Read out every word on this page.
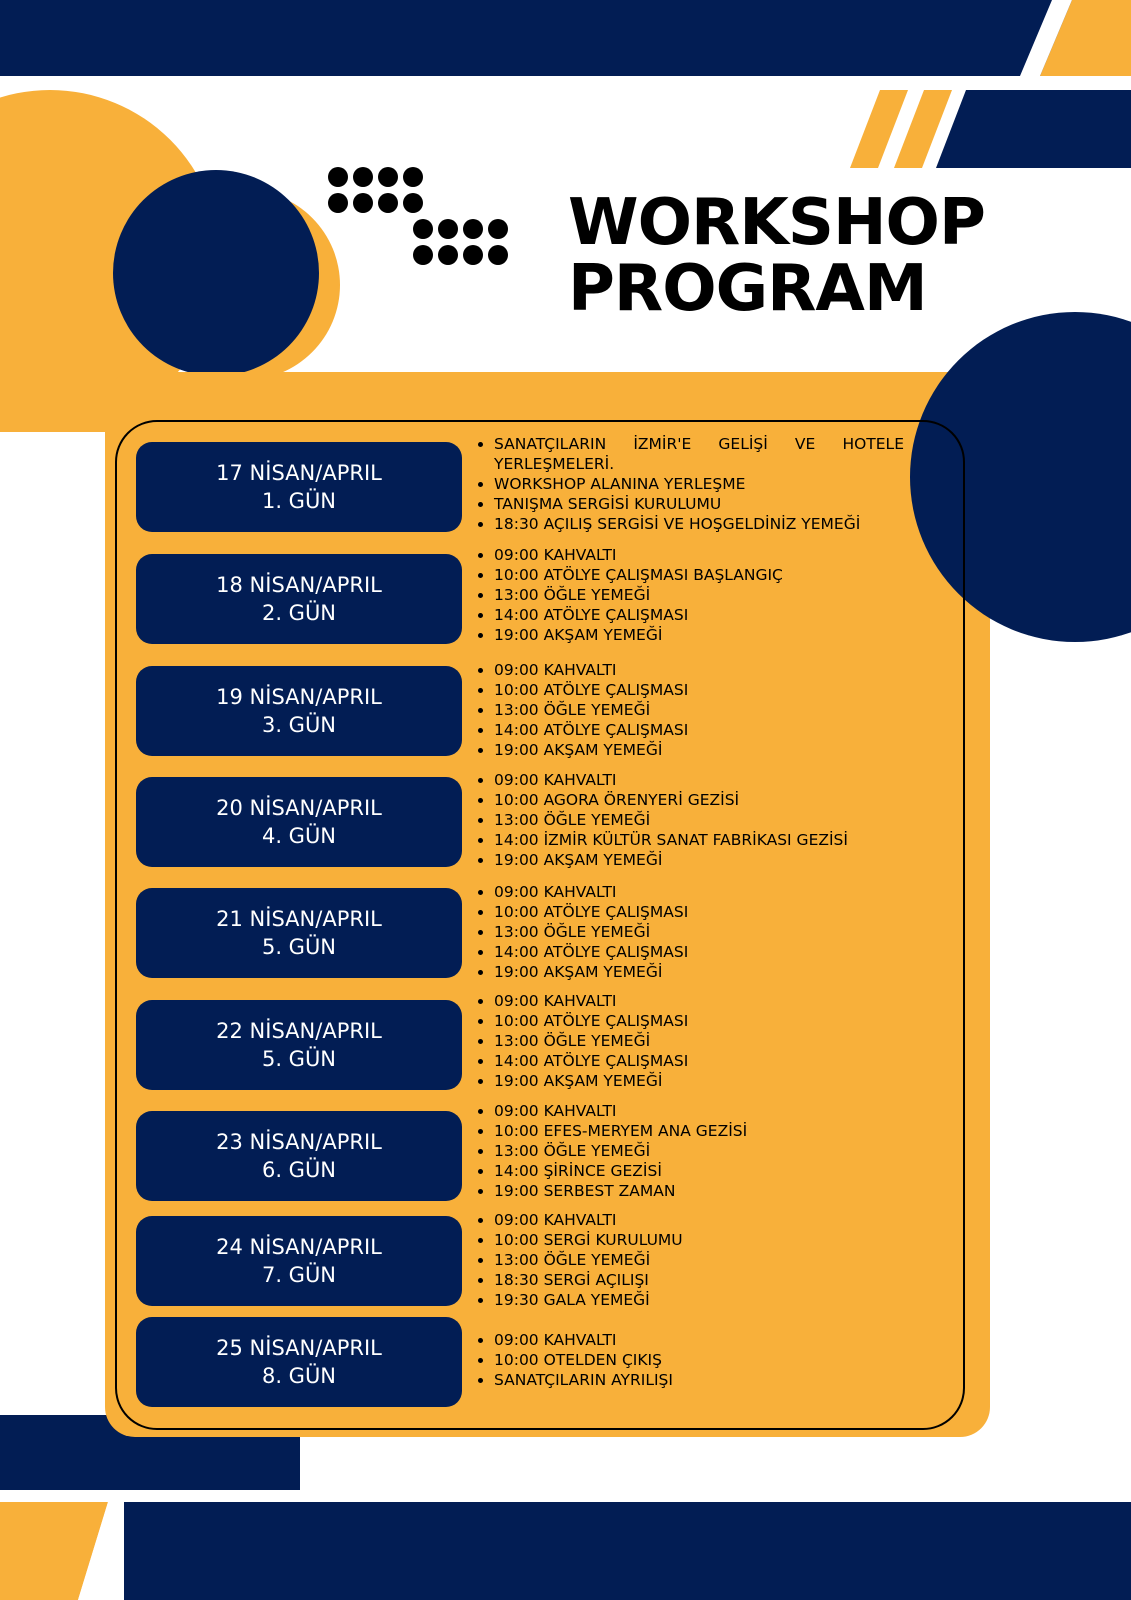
WORKSHOP
PROGRAM
17 NİSAN/APRIL
1. GÜN
• SANATÇILARIN İZMİR'E GELİŞİ VE HOTELE YERLEŞMELERİ.
• WORKSHOP ALANINA YERLEŞME
• TANIŞMA SERGİSİ KURULUMU
• 18:30 AÇILIŞ SERGİSİ VE HOŞGELDİNİZ YEMEĞİ
18 NİSAN/APRIL
2. GÜN
• 09:00 KAHVALTI
• 10:00 ATÖLYE ÇALIŞMASI BAŞLANGIÇ
• 13:00 ÖĞLE YEMEĞİ
• 14:00 ATÖLYE ÇALIŞMASI
• 19:00 AKŞAM YEMEĞİ
19 NİSAN/APRIL
3. GÜN
• 09:00 KAHVALTI
• 10:00 ATÖLYE ÇALIŞMASI
• 13:00 ÖĞLE YEMEĞİ
• 14:00 ATÖLYE ÇALIŞMASI
• 19:00 AKŞAM YEMEĞİ
20 NİSAN/APRIL
4. GÜN
• 09:00 KAHVALTI
• 10:00 AGORA ÖRENYERİ GEZİSİ
• 13:00 ÖĞLE YEMEĞİ
• 14:00 İZMİR KÜLTÜR SANAT FABRİKASI GEZİSİ
• 19:00 AKŞAM YEMEĞİ
21 NİSAN/APRIL
5. GÜN
• 09:00 KAHVALTI
• 10:00 ATÖLYE ÇALIŞMASI
• 13:00 ÖĞLE YEMEĞİ
• 14:00 ATÖLYE ÇALIŞMASI
• 19:00 AKŞAM YEMEĞİ
22 NİSAN/APRIL
5. GÜN
• 09:00 KAHVALTI
• 10:00 ATÖLYE ÇALIŞMASI
• 13:00 ÖĞLE YEMEĞİ
• 14:00 ATÖLYE ÇALIŞMASI
• 19:00 AKŞAM YEMEĞİ
23 NİSAN/APRIL
6. GÜN
• 09:00 KAHVALTI
• 10:00 EFES-MERYEM ANA GEZİSİ
• 13:00 ÖĞLE YEMEĞİ
• 14:00 ŞİRİNCE GEZİSİ
• 19:00 SERBEST ZAMAN
24 NİSAN/APRIL
7. GÜN
• 09:00 KAHVALTI
• 10:00 SERGİ KURULUMU
• 13:00 ÖĞLE YEMEĞİ
• 18:30 SERGİ AÇILIŞI
• 19:30 GALA YEMEĞİ
25 NİSAN/APRIL
8. GÜN
• 09:00 KAHVALTI
• 10:00 OTELDEN ÇIKIŞ
• SANATÇILARIN AYRILIŞI
